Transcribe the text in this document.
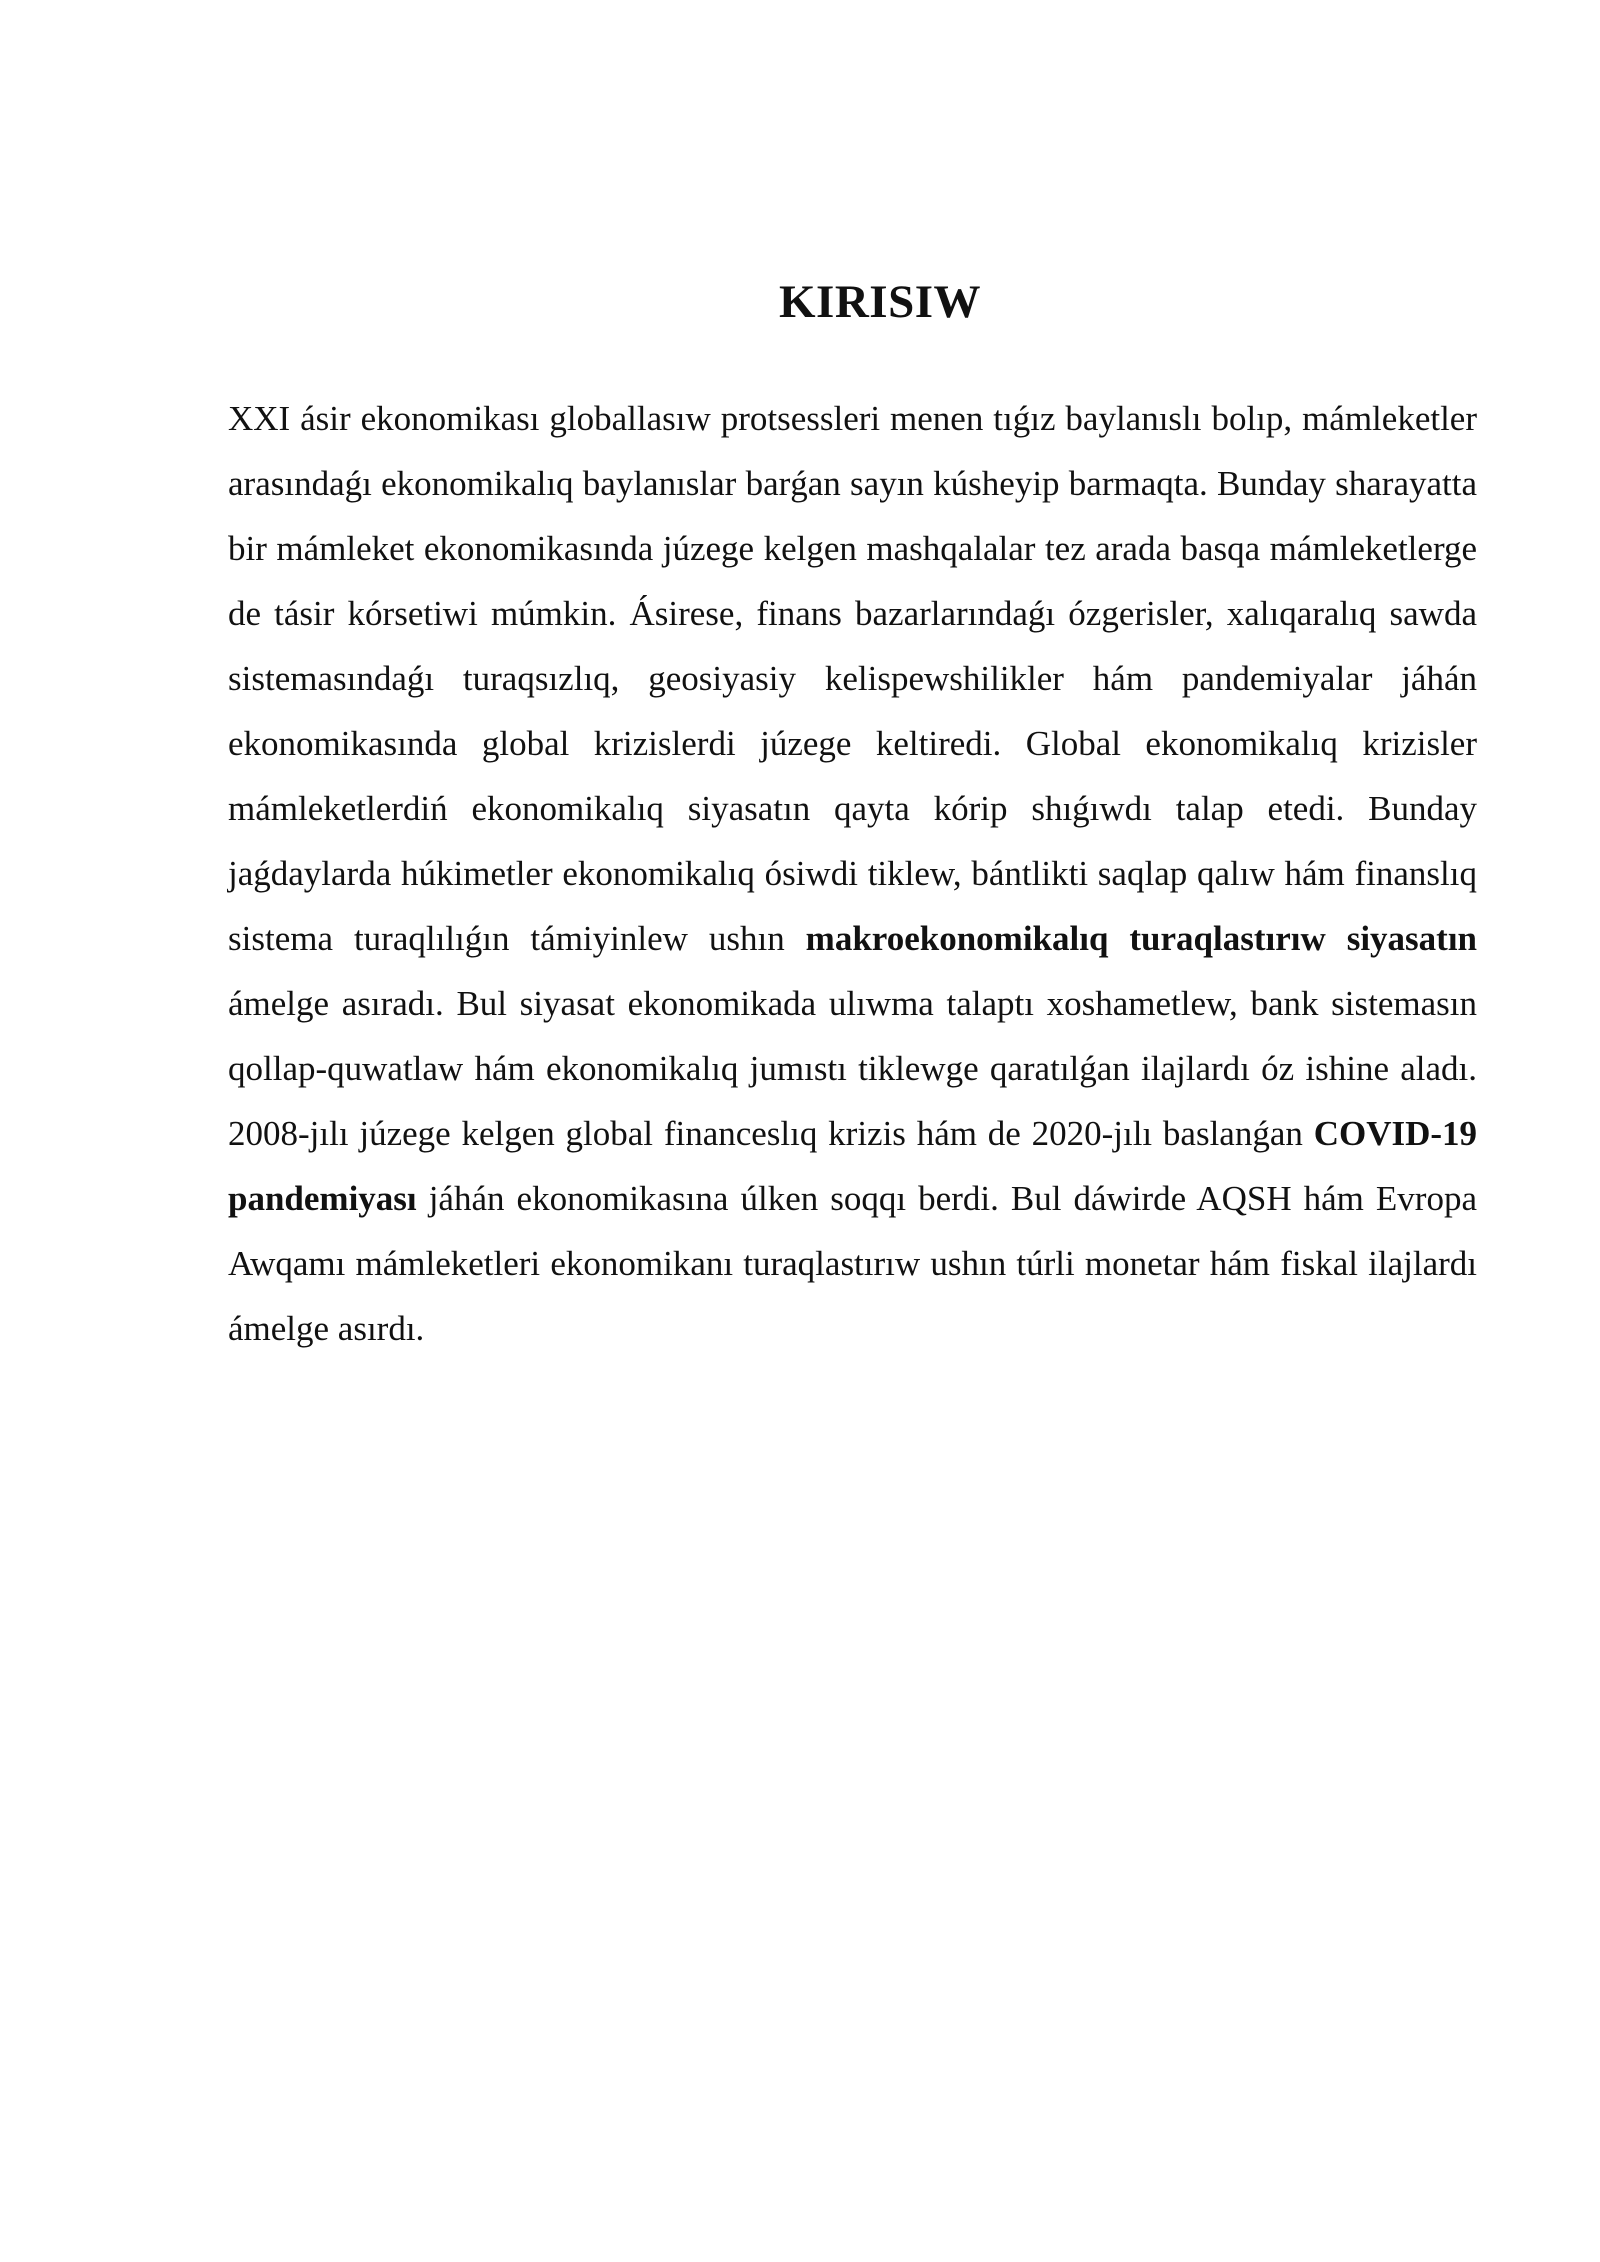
KIRISIW

XXI ásir ekonomikası globallasıw protsessleri menen tıǵız baylanıslı bolıp, mámleketler arasındaǵı ekonomikalıq baylanıslar barǵan sayın kúsheyip barmaqta. Bunday sharayatta bir mámleket ekonomikasında júzege kelgen mashqalalar tez arada basqa mámleketlerge de tásir kórsetiwi múmkin. Ásirese, finans bazarlarındaǵı ózgerisler, xalıqaralıq sawda sistemasındaǵı turaqsızlıq, geosiyasiy kelispewshilikler hám pandemiyalar jáhán ekonomikasında global krizislerdi júzege keltiredi. Global ekonomikalıq krizisler mámleketlerdiń ekonomikalıq siyasatın qayta kórip shıǵıwdı talap etedi. Bunday jaǵdaylarda húkimetler ekonomikalıq ósiwdi tiklew, bántlikti saqlap qalıw hám finanslıq sistema turaqlılıǵın támiyinlew ushın makroekonomikalıq turaqlastırıw siyasatın ámelge asıradı. Bul siyasat ekonomikada ulıwma talaptı xoshametlew, bank sistemasın qollap-quwatlaw hám ekonomikalıq jumıstı tiklewge qaratılǵan ilajlardı óz ishine aladı. 2008-jılı júzege kelgen global financeslıq krizis hám de 2020-jılı baslanǵan COVID-19 pandemiyası jáhán ekonomikasına úlken soqqı berdi. Bul dáwirde AQSH hám Evropa Awqamı mámleketleri ekonomikanı turaqlastırıw ushın túrli monetar hám fiskal ilajlardı ámelge asırdı.
